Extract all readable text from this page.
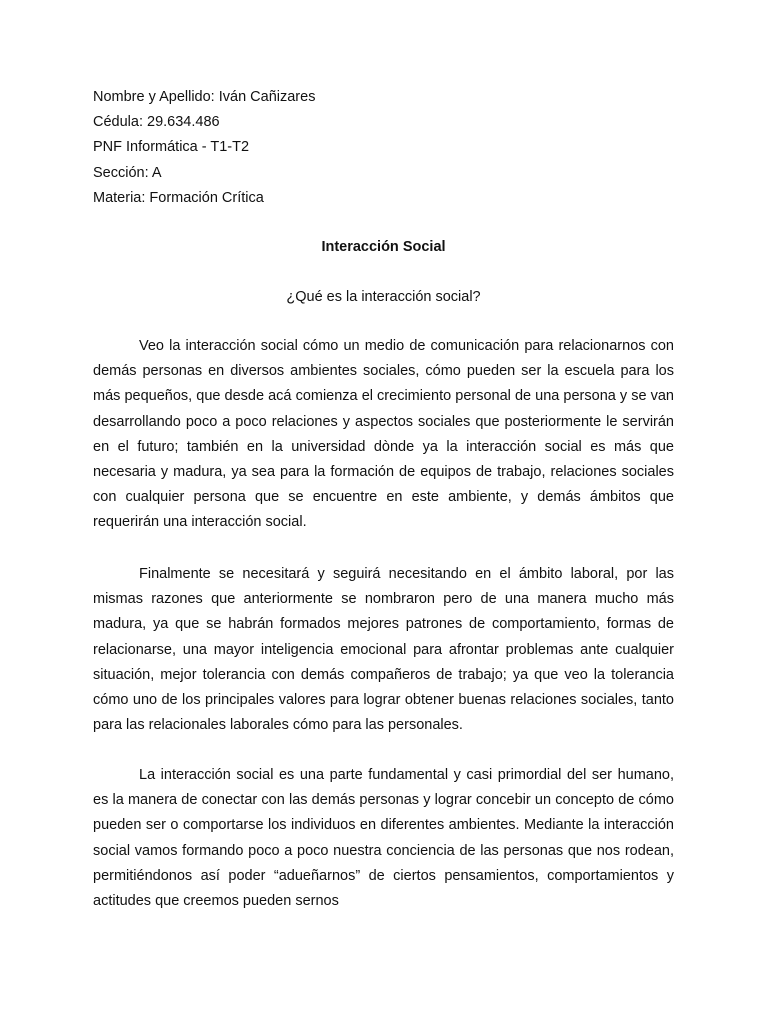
Nombre y Apellido: Iván Cañizares
Cédula: 29.634.486
PNF Informática - T1-T2
Sección: A
Materia: Formación Crítica
Interacción Social
¿Qué es la interacción social?

Veo la interacción social cómo un medio de comunicación para relacionarnos con demás personas en diversos ambientes sociales, cómo pueden ser la escuela para los más pequeños, que desde acá comienza el crecimiento personal de una persona y se van desarrollando poco a poco relaciones y aspectos sociales que posteriormente le servirán en el futuro; también en la universidad dònde ya la interacción social es más que necesaria y madura, ya sea para la formación de equipos de trabajo, relaciones sociales con cualquier persona que se encuentre en este ambiente, y demás ámbitos que requerirán una interacción social.

Finalmente se necesitará y seguirá necesitando en el ámbito laboral, por las mismas razones que anteriormente se nombraron pero de una manera mucho más madura, ya que se habrán formados mejores patrones de comportamiento, formas de relacionarse, una mayor inteligencia emocional para afrontar problemas ante cualquier situación, mejor tolerancia con demás compañeros de trabajo; ya que veo la tolerancia cómo uno de los principales valores para lograr obtener buenas relaciones sociales, tanto para las relacionales laborales cómo para las personales.

La interacción social es una parte fundamental y casi primordial del ser humano, es la manera de conectar con las demás personas y lograr concebir un concepto de cómo pueden ser o comportarse los individuos en diferentes ambientes. Mediante la interacción social vamos formando poco a poco nuestra conciencia de las personas que nos rodean, permitiéndonos así poder “adueñarnos” de ciertos pensamientos, comportamientos y actitudes que creemos pueden sernos
